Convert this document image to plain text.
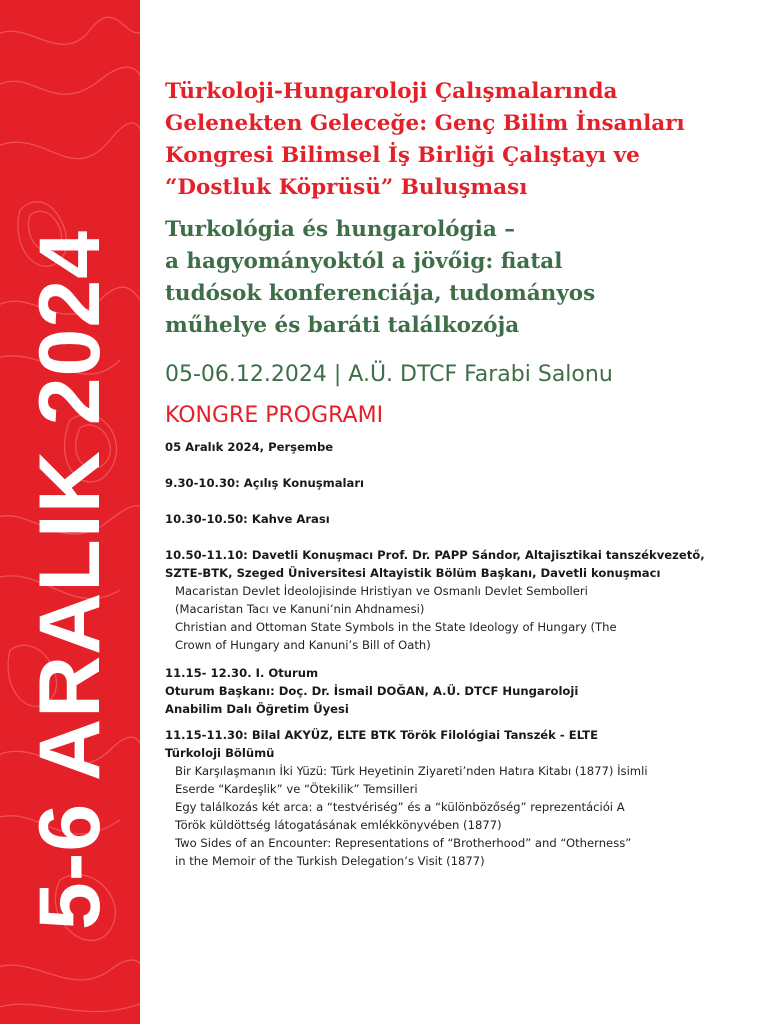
5-6 ARALIK 2024
Türkoloji-Hungaroloji Çalışmalarında
Gelenekten Geleceğe: Genç Bilim İnsanları
Kongresi Bilimsel İş Birliği Çalıştayı ve
“Dostluk Köprüsü” Buluşması
Turkológia és hungarológia –
a hagyományoktól a jövőig: fiatal
tudósok konferenciája, tudományos
műhelye és baráti találkozója
05-06.12.2024 | A.Ü. DTCF Farabi Salonu
KONGRE PROGRAMI
05 Aralık 2024, Perşembe
9.30-10.30: Açılış Konuşmaları
10.30-10.50: Kahve Arası
10.50-11.10: Davetli Konuşmacı Prof. Dr. PAPP Sándor, Altajisztikai tanszékvezető,
SZTE-BTK, Szeged Üniversitesi Altayistik Bölüm Başkanı, Davetli konuşmacı
Macaristan Devlet İdeolojisinde Hristiyan ve Osmanlı Devlet Sembolleri
(Macaristan Tacı ve Kanuni’nin Ahdnamesi)
Christian and Ottoman State Symbols in the State Ideology of Hungary (The
Crown of Hungary and Kanuni’s Bill of Oath)
11.15- 12.30. I. Oturum
Oturum Başkanı: Doç. Dr. İsmail DOĞAN, A.Ü. DTCF Hungaroloji
Anabilim Dalı Öğretim Üyesi
11.15-11.30: Bilal AKYÜZ, ELTE BTK Török Filológiai Tanszék - ELTE
Türkoloji Bölümü
Bir Karşılaşmanın İki Yüzü: Türk Heyetinin Ziyareti’nden Hatıra Kitabı (1877) İsimli
Eserde “Kardeşlik” ve “Ötekilik” Temsilleri
Egy találkozás két arca: a “testvériség” és a “különbözőség” reprezentációi A
Török küldöttség látogatásának emlékkönyvében (1877)
Two Sides of an Encounter: Representations of “Brotherhood” and “Otherness”
in the Memoir of the Turkish Delegation’s Visit (1877)
